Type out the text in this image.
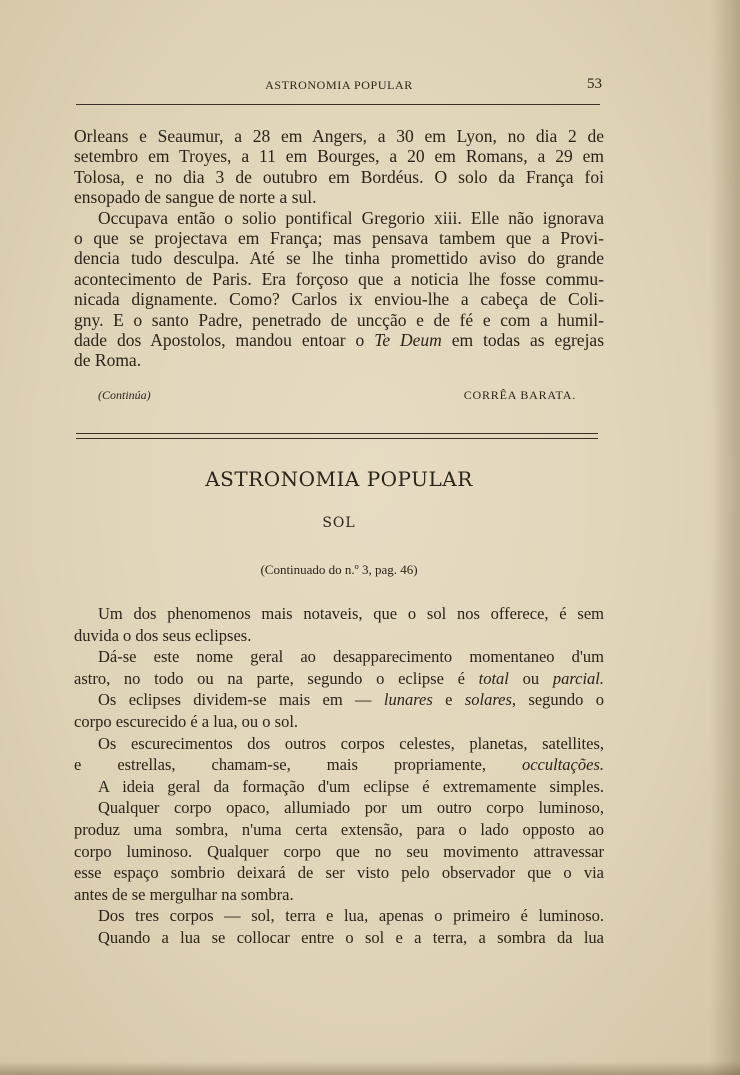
ASTRONOMIA POPULAR	53
Orleans e Seaumur, a 28 em Angers, a 30 em Lyon, no dia 2 de
setembro em Troyes, a 11 em Bourges, a 20 em Romans, a 29 em
Tolosa, e no dia 3 de outubro em Bordéus. O solo da França foi
ensopado de sangue de norte a sul.
Occupava então o solio pontifical Gregorio xiii. Elle não ignorava
o que se projectava em França; mas pensava tambem que a Provi-
dencia tudo desculpa. Até se lhe tinha promettido aviso do grande
acontecimento de Paris. Era forçoso que a noticia lhe fosse commu-
nicada dignamente. Como? Carlos ix enviou-lhe a cabeça de Coli-
gny. E o santo Padre, penetrado de uncção e de fé e com a humil-
dade dos Apostolos, mandou entoar o Te Deum em todas as egrejas
de Roma.
(Continúa)	CORRÊA BARATA.
ASTRONOMIA POPULAR
SOL
(Continuado do n.º 3, pag. 46)
Um dos phenomenos mais notaveis, que o sol nos offerece, é sem
duvida o dos seus eclipses.
Dá-se este nome geral ao desapparecimento momentaneo d'um
astro, no todo ou na parte, segundo o eclipse é total ou parcial.
Os eclipses dividem-se mais em — lunares e solares, segundo o
corpo escurecido é a lua, ou o sol.
Os escurecimentos dos outros corpos celestes, planetas, satellites,
e estrellas, chamam-se, mais propriamente, occultações.
A ideia geral da formação d'um eclipse é extremamente simples.
Qualquer corpo opaco, allumiado por um outro corpo luminoso,
produz uma sombra, n'uma certa extensão, para o lado opposto ao
corpo luminoso. Qualquer corpo que no seu movimento attravessar
esse espaço sombrio deixará de ser visto pelo observador que o via
antes de se mergulhar na sombra.
Dos tres corpos — sol, terra e lua, apenas o primeiro é luminoso.
Quando a lua se collocar entre o sol e a terra, a sombra da lua
